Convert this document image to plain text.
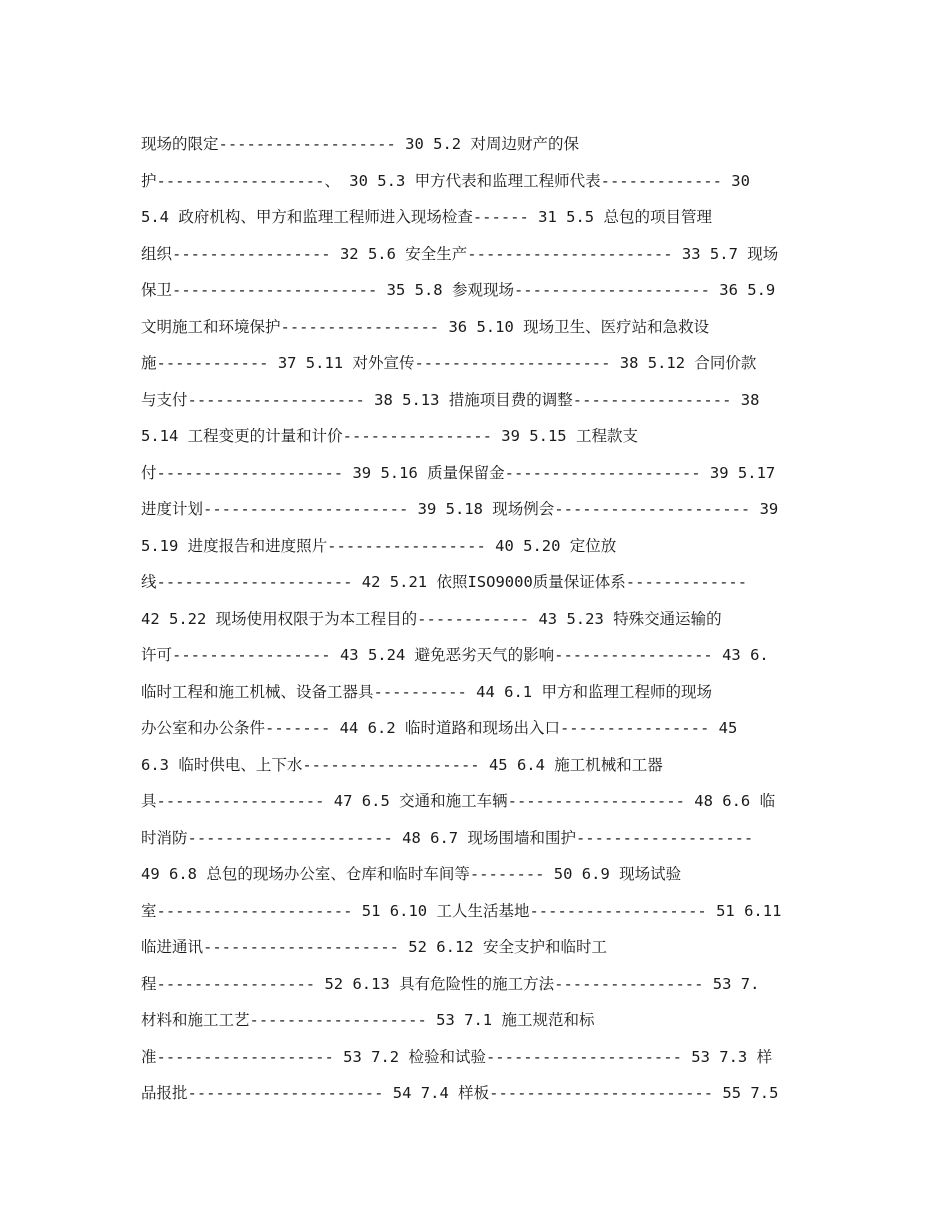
现场的限定------------------- 30 5.2 对周边财产的保
护------------------、 30 5.3 甲方代表和监理工程师代表------------- 30
5.4 政府机构、甲方和监理工程师进入现场检查------ 31 5.5 总包的项目管理
组织----------------- 32 5.6 安全生产---------------------- 33 5.7 现场
保卫---------------------- 35 5.8 参观现场--------------------- 36 5.9
文明施工和环境保护----------------- 36 5.10 现场卫生、医疗站和急救设
施------------ 37 5.11 对外宣传--------------------- 38 5.12 合同价款
与支付------------------- 38 5.13 措施项目费的调整----------------- 38
5.14 工程变更的计量和计价---------------- 39 5.15 工程款支
付-------------------- 39 5.16 质量保留金--------------------- 39 5.17
进度计划---------------------- 39 5.18 现场例会--------------------- 39
5.19 进度报告和进度照片----------------- 40 5.20 定位放
线--------------------- 42 5.21 依照ISO9000质量保证体系-------------
42 5.22 现场使用权限于为本工程目的------------ 43 5.23 特殊交通运输的
许可----------------- 43 5.24 避免恶劣天气的影响----------------- 43 6.
临时工程和施工机械、设备工器具---------- 44 6.1 甲方和监理工程师的现场
办公室和办公条件------- 44 6.2 临时道路和现场出入口---------------- 45
6.3 临时供电、上下水------------------- 45 6.4 施工机械和工器
具------------------ 47 6.5 交通和施工车辆------------------- 48 6.6 临
时消防---------------------- 48 6.7 现场围墙和围护-------------------
49 6.8 总包的现场办公室、仓库和临时车间等-------- 50 6.9 现场试验
室--------------------- 51 6.10 工人生活基地------------------- 51 6.11
临进通讯--------------------- 52 6.12 安全支护和临时工
程----------------- 52 6.13 具有危险性的施工方法---------------- 53 7.
材料和施工工艺------------------- 53 7.1 施工规范和标
准------------------- 53 7.2 检验和试验--------------------- 53 7.3 样
品报批--------------------- 54 7.4 样板------------------------ 55 7.5
